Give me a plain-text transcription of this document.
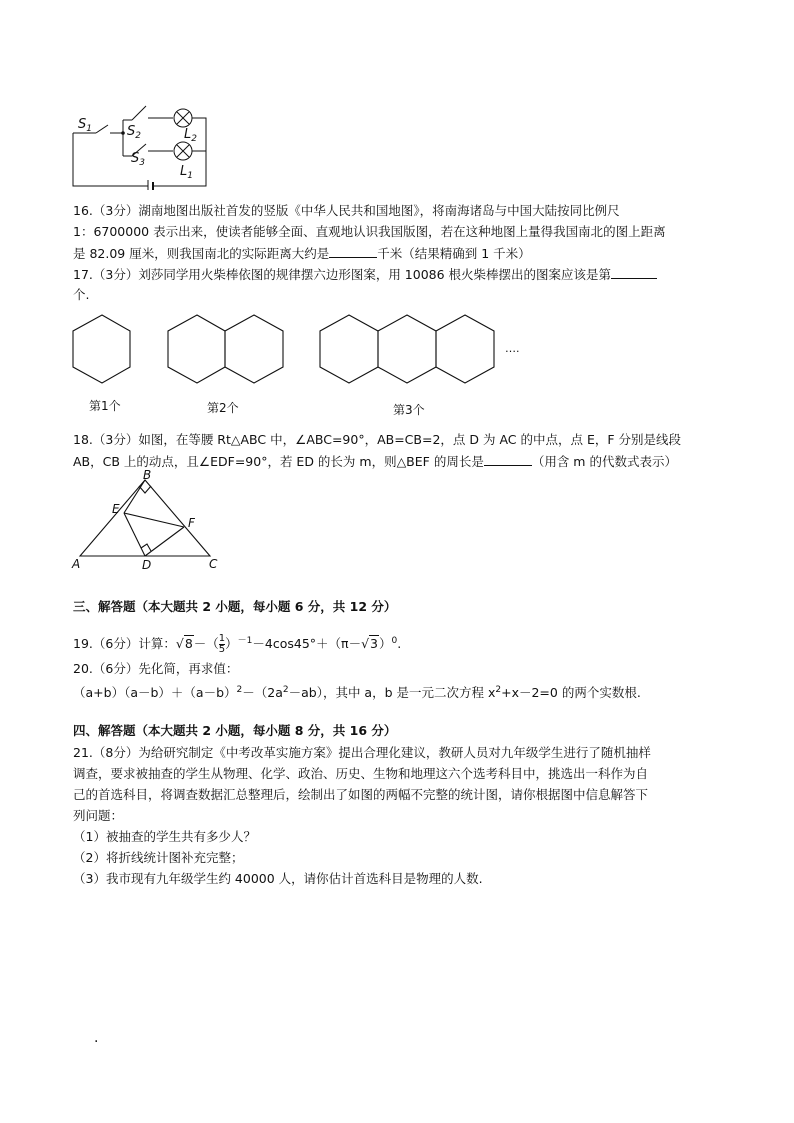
$S_1$	$S_2$
$S_3$
$L_2$
$L_1$
16.（3分）湖南地图出版社首发的竖版《中华人民共和国地图》，将南海诸岛与中国大陆按同比例尺
1：6700000 表示出来，使读者能够全面、直观地认识我国版图，若在这种地图上量得我国南北的图上距离
是 82.09 厘米，则我国南北的实际距离大约是	千米（结果精确到 1 千米）
17.（3分）刘莎同学用火柴棒依图的规律摆六边形图案，用 10086 根火柴棒摆出的图案应该是第
个.
….
第1个	第2个	第3个
18.（3分）如图，在等腰 Rt△ABC 中，∠ABC=90°，AB=CB=2，点 D 为 AC 的中点，点 E，F 分别是线段
AB，CB 上的动点，且∠EDF=90°，若 ED 的长为 m，则△BEF 的周长是	（用含 m 的代数式表示）
A
B
C
D
E
F
三、解答题（本大题共 2 小题，每小题 6 分，共 12 分）
19.（6分）计算：$√8-( \frac{1}{5} )^{-1}-4\cos 45^\circ+(\pi-√3)^0$.
20.（6分）先化简，再求值：
$(a+b)(a-b)+(a-b)^2-(2a^2-ab)$，其中 a，b 是一元二次方程 $x^2+x-2=0$ 的两个实数根.
四、解答题（本大题共 2 小题，每小题 8 分，共 16 分）
21.（8分）为给研究制定《中考改革实施方案》提出合理化建议，教研人员对九年级学生进行了随机抽样
调查，要求被抽查的学生从物理、化学、政治、历史、生物和地理这六个选考科目中，挑选出一科作为自
己的首选科目，将调查数据汇总整理后，绘制出了如图的两幅不完整的统计图，请你根据图中信息解答下
列问题：
（1）被抽查的学生共有多少人？
（2）将折线统计图补充完整；
（3）我市现有九年级学生约 40000 人，请你估计首选科目是物理的人数.
.
